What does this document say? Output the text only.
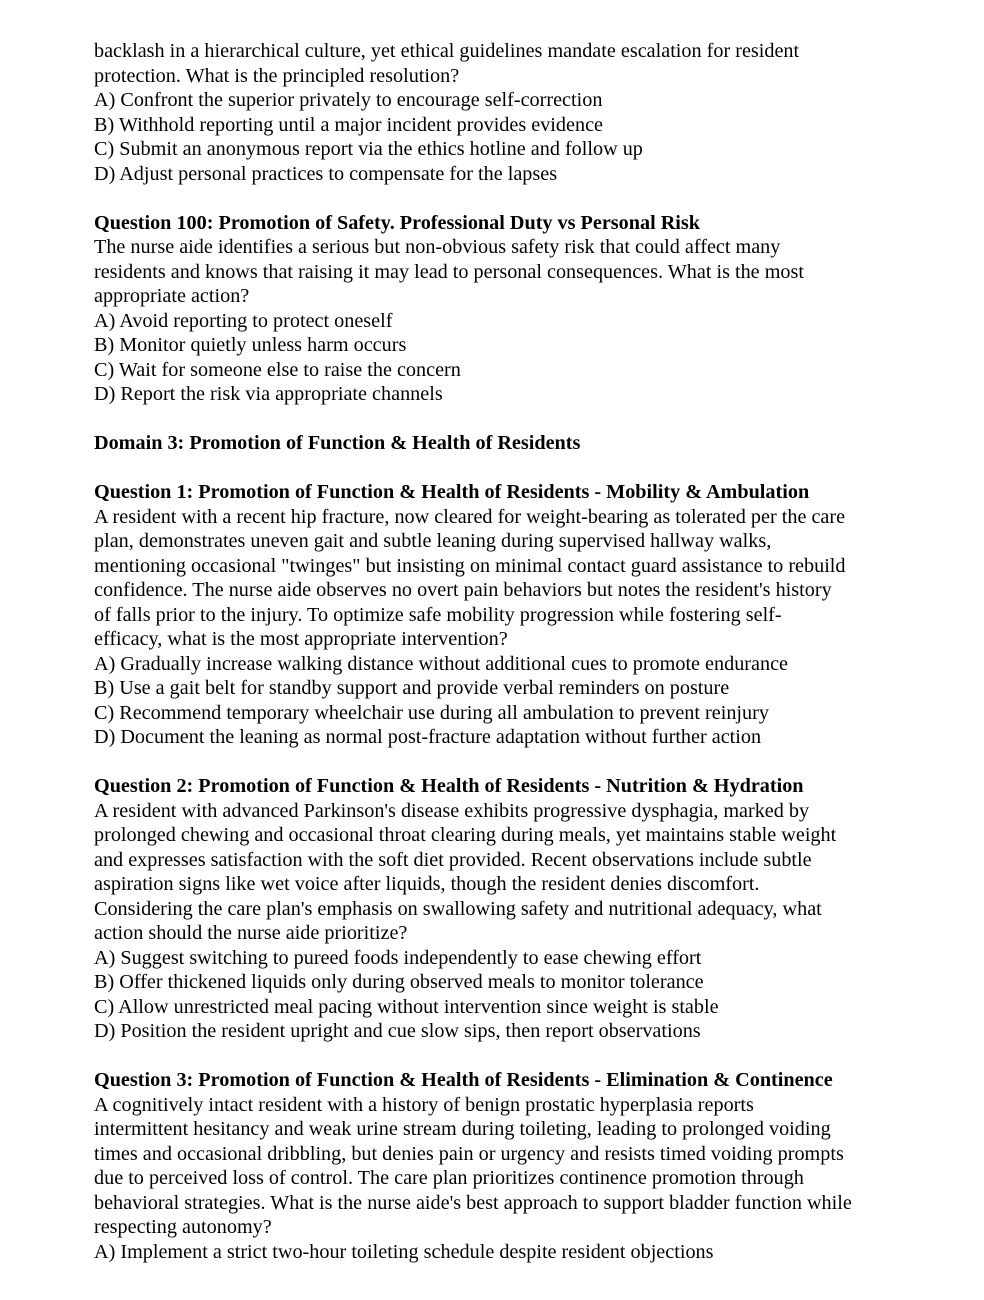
backlash in a hierarchical culture, yet ethical guidelines mandate escalation for resident
protection. What is the principled resolution?
A) Confront the superior privately to encourage self-correction
B) Withhold reporting until a major incident provides evidence
C) Submit an anonymous report via the ethics hotline and follow up
D) Adjust personal practices to compensate for the lapses
Question 100: Promotion of Safety. Professional Duty vs Personal Risk
The nurse aide identifies a serious but non-obvious safety risk that could affect many
residents and knows that raising it may lead to personal consequences. What is the most
appropriate action?
A) Avoid reporting to protect oneself
B) Monitor quietly unless harm occurs
C) Wait for someone else to raise the concern
D) Report the risk via appropriate channels
Domain 3: Promotion of Function & Health of Residents
Question 1: Promotion of Function & Health of Residents - Mobility & Ambulation
A resident with a recent hip fracture, now cleared for weight-bearing as tolerated per the care
plan, demonstrates uneven gait and subtle leaning during supervised hallway walks,
mentioning occasional "twinges" but insisting on minimal contact guard assistance to rebuild
confidence. The nurse aide observes no overt pain behaviors but notes the resident's history
of falls prior to the injury. To optimize safe mobility progression while fostering self-
efficacy, what is the most appropriate intervention?
A) Gradually increase walking distance without additional cues to promote endurance
B) Use a gait belt for standby support and provide verbal reminders on posture
C) Recommend temporary wheelchair use during all ambulation to prevent reinjury
D) Document the leaning as normal post-fracture adaptation without further action
Question 2: Promotion of Function & Health of Residents - Nutrition & Hydration
A resident with advanced Parkinson's disease exhibits progressive dysphagia, marked by
prolonged chewing and occasional throat clearing during meals, yet maintains stable weight
and expresses satisfaction with the soft diet provided. Recent observations include subtle
aspiration signs like wet voice after liquids, though the resident denies discomfort.
Considering the care plan's emphasis on swallowing safety and nutritional adequacy, what
action should the nurse aide prioritize?
A) Suggest switching to pureed foods independently to ease chewing effort
B) Offer thickened liquids only during observed meals to monitor tolerance
C) Allow unrestricted meal pacing without intervention since weight is stable
D) Position the resident upright and cue slow sips, then report observations
Question 3: Promotion of Function & Health of Residents - Elimination & Continence
A cognitively intact resident with a history of benign prostatic hyperplasia reports
intermittent hesitancy and weak urine stream during toileting, leading to prolonged voiding
times and occasional dribbling, but denies pain or urgency and resists timed voiding prompts
due to perceived loss of control. The care plan prioritizes continence promotion through
behavioral strategies. What is the nurse aide's best approach to support bladder function while
respecting autonomy?
A) Implement a strict two-hour toileting schedule despite resident objections
